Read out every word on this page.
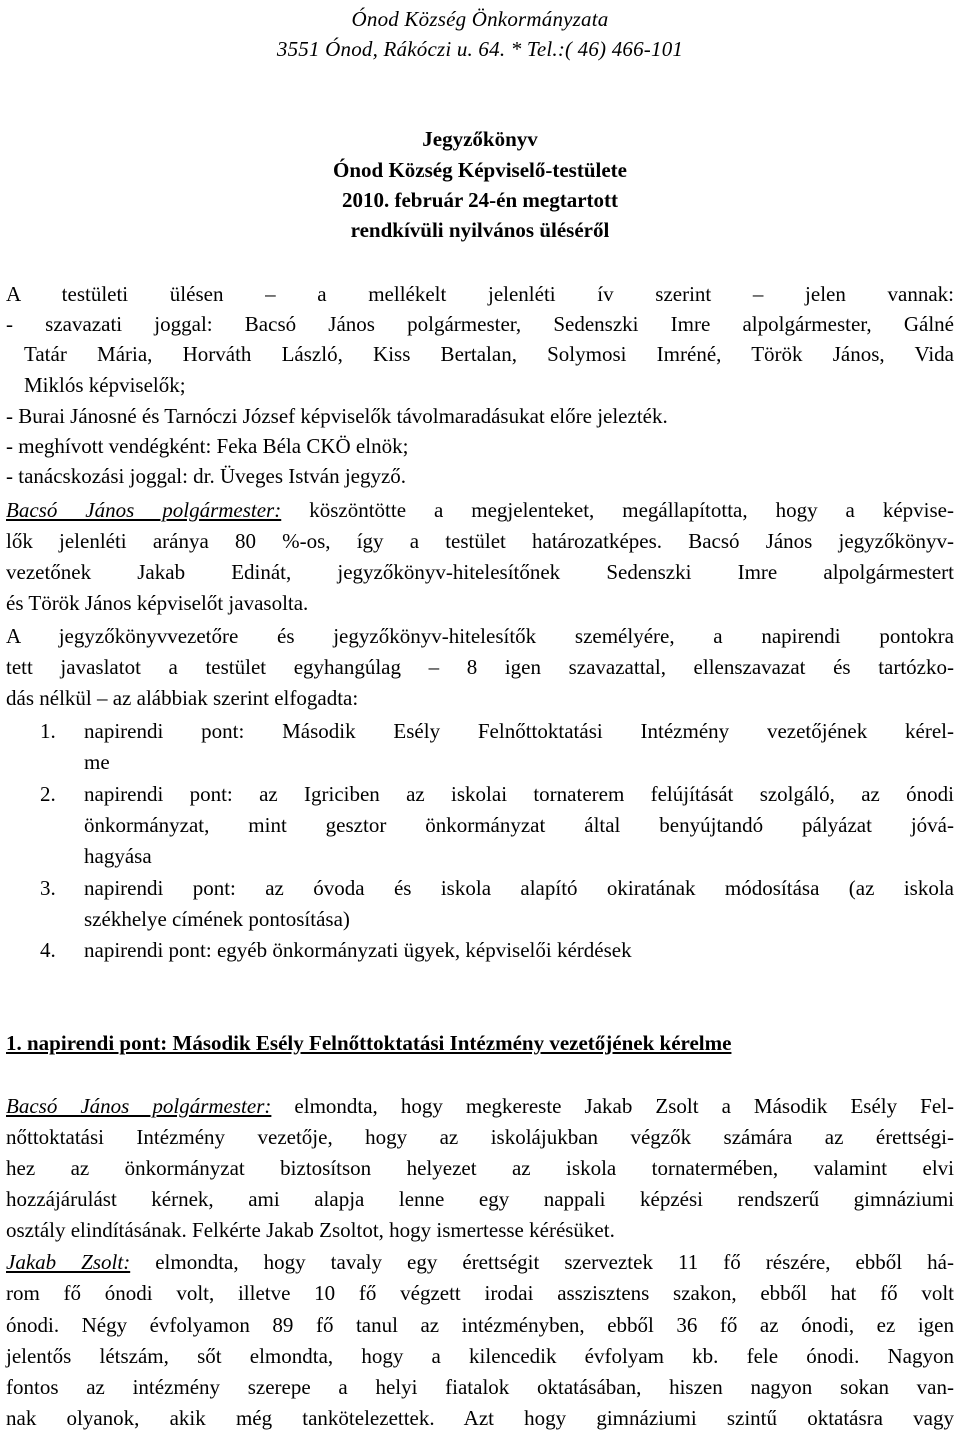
Ónod Község Önkormányzata
3551 Ónod, Rákóczi u. 64. * Tel.:( 46) 466-101
Jegyzőkönyv
Ónod Község Képviselő-testülete
2010. február 24-én megtartott
rendkívüli nyilvános üléséről
A testületi ülésen – a mellékelt jelenléti ív szerint – jelen vannak:
- szavazati joggal: Bacsó János polgármester, Sedenszki Imre alpolgármester, Gálné
Tatár Mária, Horváth László, Kiss Bertalan, Solymosi Imréné, Török János, Vida
Miklós képviselők;
- Burai Jánosné és Tarnóczi József képviselők távolmaradásukat előre jelezték.
- meghívott vendégként: Feka Béla CKÖ elnök;
- tanácskozási joggal: dr. Üveges István jegyző.
Bacsó János polgármester: köszöntötte a megjelenteket, megállapította, hogy a képvise-
lők jelenléti aránya 80 %-os, így a testület határozatképes. Bacsó János jegyzőkönyv-
vezetőnek Jakab Edinát, jegyzőkönyv-hitelesítőnek Sedenszki Imre alpolgármestert
és Török János képviselőt javasolta.
A jegyzőkönyvvezetőre és jegyzőkönyv-hitelesítők személyére, a napirendi pontokra
tett javaslatot a testület egyhangúlag – 8 igen szavazattal, ellenszavazat és tartózko-
dás nélkül – az alábbiak szerint elfogadta:
1. napirendi pont: Második Esély Felnőttoktatási Intézmény vezetőjének kérel-
me
2. napirendi pont: az Igriciben az iskolai tornaterem felújítását szolgáló, az ónodi
önkormányzat, mint gesztor önkormányzat által benyújtandó pályázat jóvá-
hagyása
3. napirendi pont: az óvoda és iskola alapító okiratának módosítása (az iskola
székhelye címének pontosítása)
4. napirendi pont: egyéb önkormányzati ügyek, képviselői kérdések
1. napirendi pont: Második Esély Felnőttoktatási Intézmény vezetőjének kérelme
Bacsó János polgármester: elmondta, hogy megkereste Jakab Zsolt a Második Esély Fel-
nőttoktatási Intézmény vezetője, hogy az iskolájukban végzők számára az érettségi-
hez az önkormányzat biztosítson helyezet az iskola tornatermében, valamint elvi
hozzájárulást kérnek, ami alapja lenne egy nappali képzési rendszerű gimnáziumi
osztály elindításának. Felkérte Jakab Zsoltot, hogy ismertesse kérésüket.
Jakab Zsolt: elmondta, hogy tavaly egy érettségit szerveztek 11 fő részére, ebből há-
rom fő ónodi volt, illetve 10 fő végzett irodai asszisztens szakon, ebből hat fő volt
ónodi. Négy évfolyamon 89 fő tanul az intézményben, ebből 36 fő az ónodi, ez igen
jelentős létszám, sőt elmondta, hogy a kilencedik évfolyam kb. fele ónodi. Nagyon
fontos az intézmény szerepe a helyi fiatalok oktatásában, hiszen nagyon sokan van-
nak olyanok, akik még tankötelezettek. Azt hogy gimnáziumi szintű oktatásra vagy
